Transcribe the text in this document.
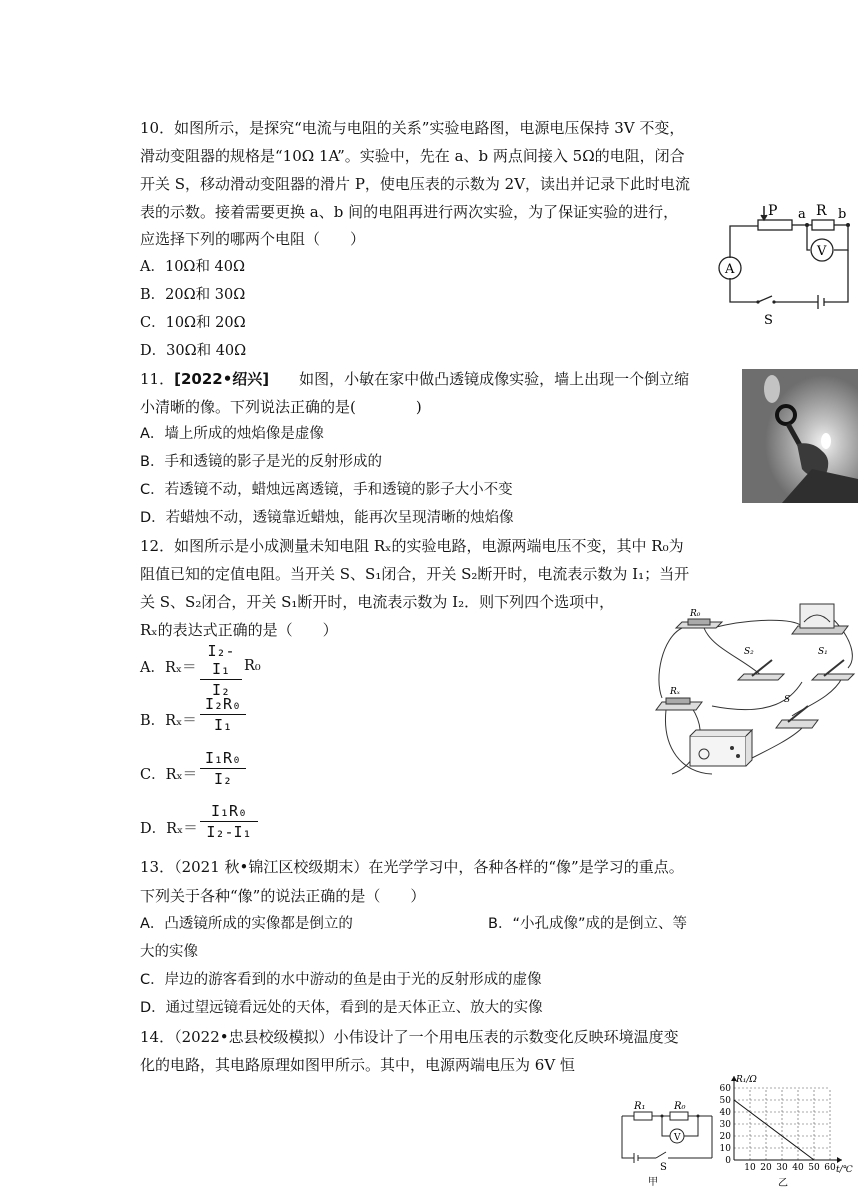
10．如图所示，是探究“电流与电阻的关系”实验电路图，电源电压保持 3V 不变，
滑动变阻器的规格是“10Ω 1A”。实验中，先在 a、b 两点间接入 5Ω的电阻，闭合
开关 S，移动滑动变阻器的滑片 P，使电压表的示数为 2V，读出并记录下此时电流
表的示数。接着需要更换 a、b 间的电阻再进行两次实验，为了保证实验的进行，
应选择下列的哪两个电阻（　　）
A．10Ω和 40Ω
B．20Ω和 30Ω
C．10Ω和 20Ω
D．30Ω和 40Ω
P a R b
V
A
S
11．[2022•绍兴]　　如图，小敏在家中做凸透镜成像实验，墙上出现一个倒立缩
小清晰的像。下列说法正确的是(　　　　)
A．墙上所成的烛焰像是虚像
B．手和透镜的影子是光的反射形成的
C．若透镜不动，蜡烛远离透镜，手和透镜的影子大小不变
D．若蜡烛不动，透镜靠近蜡烛，能再次呈现清晰的烛焰像
12．如图所示是小成测量未知电阻 Rₓ的实验电路，电源两端电压不变，其中 R₀为
阻值已知的定值电阻。当开关 S、S₁闭合，开关 S₂断开时，电流表示数为 I₁；当开
关 S、S₂闭合，开关 S₁断开时，电流表示数为 I₂．则下列四个选项中，
Rₓ的表达式正确的是（　　）
A．Rₓ＝
I₂-I₁
I₂
R₀
B．Rₓ＝
I₂R₀
I₁
C．Rₓ＝
I₁R₀
I₂
D．Rₓ＝
I₁R₀
I₂-I₁
R₀
S₂	S₁
Rₓ
S
13．（2021 秋•锦江区校级期末）在光学学习中，各种各样的“像”是学习的重点。
下列关于各种“像”的说法正确的是（　　）
A．凸透镜所成的实像都是倒立的	B．“小孔成像”成的是倒立、等
大的实像
C．岸边的游客看到的水中游动的鱼是由于光的反射形成的虚像
D．通过望远镜看远处的天体，看到的是天体正立、放大的实像
14．（2022•忠县校级模拟）小伟设计了一个用电压表的示数变化反映环境温度变
化的电路，其电路原理如图甲所示。其中，电源两端电压为 6V 恒
R₁	R₀
V
S
甲
0
10
20
30
40
50
60
10 20 30 40 50 60
R₁/Ω
t/℃
乙
